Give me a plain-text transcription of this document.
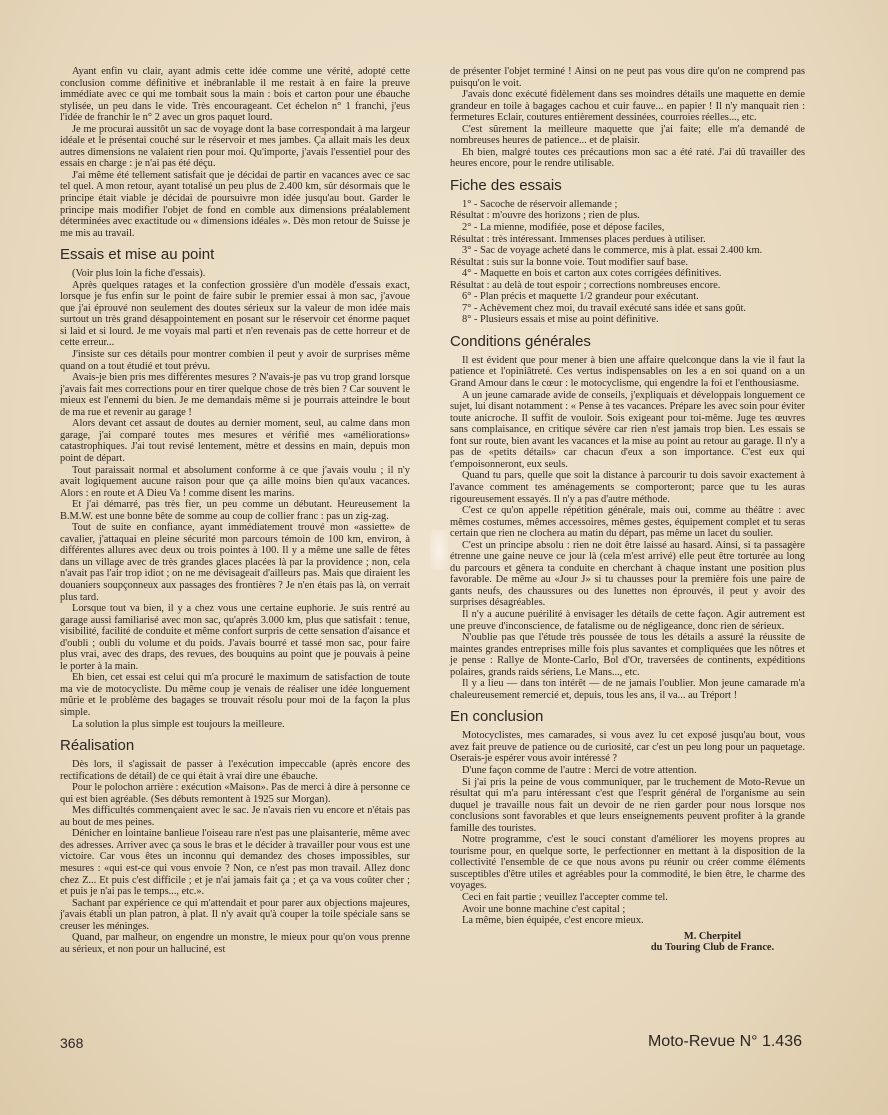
Ayant enfin vu clair, ayant admis cette idée comme une vérité, adopté cette conclusion comme définitive et inébranlable il me restait à en faire la preuve immédiate avec ce qui me tombait sous la main : bois et carton pour une ébauche stylisée, un peu dans le vide. Très encourageant. Cet échelon n° 1 franchi, j'eus l'idée de franchir le n° 2 avec un gros paquet lourd.

Je me procurai aussitôt un sac de voyage dont la base correspondait à ma largeur idéale et le présentai couché sur le réservoir et mes jambes. Ça allait mais les deux autres dimensions ne valaient rien pour moi. Qu'importe, j'avais l'essentiel pour des essais en charge : je n'ai pas été déçu.

J'ai même été tellement satisfait que je décidai de partir en vacances avec ce sac tel quel. A mon retour, ayant totalisé un peu plus de 2.400 km, sûr désormais que le principe était viable je décidai de poursuivre mon idée jusqu'au bout. Garder le principe mais modifier l'objet de fond en comble aux dimensions préalablement déterminées avec exactitude ou « dimensions idéales ». Dès mon retour de Suisse je me mis au travail.

Essais et mise au point

(Voir plus loin la fiche d'essais).

Après quelques ratages et la confection grossière d'un modèle d'essais exact, lorsque je fus enfin sur le point de faire subir le premier essai à mon sac, j'avoue que j'ai éprouvé non seulement des doutes sérieux sur la valeur de mon idée mais surtout un très grand désappointement en posant sur le réservoir cet énorme paquet si laid et si lourd. Je me voyais mal parti et n'en revenais pas de cette horreur et de cette erreur...

J'insiste sur ces détails pour montrer combien il peut y avoir de surprises même quand on a tout étudié et tout prévu.

Avais-je bien pris mes différentes mesures ? N'avais-je pas vu trop grand lorsque j'avais fait mes corrections pour en tirer quelque chose de très bien ? Car souvent le mieux est l'ennemi du bien. Je me demandais même si je pourrais atteindre le bout de ma rue et revenir au garage !

Alors devant cet assaut de doutes au dernier moment, seul, au calme dans mon garage, j'ai comparé toutes mes mesures et vérifié mes «améliorations» catastrophiques. J'ai tout revisé lentement, mètre et dessins en main, depuis mon point de départ.

Tout paraissait normal et absolument conforme à ce que j'avais voulu ; il n'y avait logiquement aucune raison pour que ça aille moins bien qu'aux vacances. Alors : en route et A Dieu Va ! comme disent les marins.

Et j'ai démarré, pas très fier, un peu comme un débutant. Heureusement la B.M.W. est une bonne bête de somme au coup de collier franc : pas un zig-zag.

Tout de suite en confiance, ayant immédiatement trouvé mon «assiette» de cavalier, j'attaquai en pleine sécurité mon parcours témoin de 100 km, environ, à différentes allures avec deux ou trois pointes à 100. Il y a même une salle de fêtes dans un village avec de très grandes glaces placées là par la providence ; non, cela n'avait pas l'air trop idiot ; on ne me dévisageait d'ailleurs pas. Mais que diraient les douaniers soupçonneux aux passages des frontières ? Je n'en étais pas là, on verrait plus tard.

Lorsque tout va bien, il y a chez vous une certaine euphorie. Je suis rentré au garage aussi familiarisé avec mon sac, qu'après 3.000 km, plus que satisfait : tenue, visibilité, facilité de conduite et même confort surpris de cette sensation d'aisance et d'oubli ; oubli du volume et du poids. J'avais bourré et tassé mon sac, pour faire plus vrai, avec des draps, des revues, des bouquins au point que je pouvais à peine le porter à la main.

Eh bien, cet essai est celui qui m'a procuré le maximum de satisfaction de toute ma vie de motocycliste. Du même coup je venais de réaliser une idée longuement mûrie et le problème des bagages se trouvait résolu pour moi de la façon la plus simple.

La solution la plus simple est toujours la meilleure.

Réalisation

Dès lors, il s'agissait de passer à l'exécution impeccable (après encore des rectifications de détail) de ce qui était à vrai dire une ébauche.

Pour le polochon arrière : exécution «Maison». Pas de merci à dire à personne ce qui est bien agréable. (Ses débuts remontent à 1925 sur Morgan).

Mes difficultés commençaient avec le sac. Je n'avais rien vu encore et n'étais pas au bout de mes peines.

Dénicher en lointaine banlieue l'oiseau rare n'est pas une plaisanterie, même avec des adresses. Arriver avec ça sous le bras et le décider à travailler pour vous est une victoire. Car vous êtes un inconnu qui demandez des choses impossibles, sur mesures : «qui est-ce qui vous envoie ? Non, ce n'est pas mon travail. Allez donc chez Z... Et puis c'est difficile ; et je n'ai jamais fait ça ; et ça va vous coûter cher ; et puis je n'ai pas le temps..., etc.».

Sachant par expérience ce qui m'attendait et pour parer aux objections majeures, j'avais établi un plan patron, à plat. Il n'y avait qu'à couper la toile spéciale sans se creuser les méninges.

Quand, par malheur, on engendre un monstre, le mieux pour qu'on vous prenne au sérieux, et non pour un halluciné, est

de présenter l'objet terminé ! Ainsi on ne peut pas vous dire qu'on ne comprend pas puisqu'on le voit.

J'avais donc exécuté fidèlement dans ses moindres détails une maquette en demie grandeur en toile à bagages cachou et cuir fauve... en papier ! Il n'y manquait rien : fermetures Eclair, coutures entièrement dessinées, courroies réelles..., etc.

C'est sûrement la meilleure maquette que j'ai faite; elle m'a demandé de nombreuses heures de patience... et de plaisir.

Eh bien, malgré toutes ces précautions mon sac a été raté. J'ai dû travailler des heures encore, pour le rendre utilisable.

Fiche des essais

1° - Sacoche de réservoir allemande ;

Résultat : m'ouvre des horizons ; rien de plus.

2° - La mienne, modifiée, pose et dépose faciles,

Résultat : très intéressant. Immenses places perdues à utiliser.

3° - Sac de voyage acheté dans le commerce, mis à plat. essai 2.400 km.

Résultat : suis sur la bonne voie. Tout modifier sauf base.

4° - Maquette en bois et carton aux cotes corrigées définitives.

Résultat : au delà de tout espoir ; corrections nombreuses encore.

6° - Plan précis et maquette 1/2 grandeur pour exécutant.

7° - Achèvement chez moi, du travail exécuté sans idée et sans goût.

8° - Plusieurs essais et mise au point définitive.

Conditions générales

Il est évident que pour mener à bien une affaire quelconque dans la vie il faut la patience et l'opiniâtreté. Ces vertus indispensables on les a en soi quand on a un Grand Amour dans le cœur : le motocyclisme, qui engendre la foi et l'enthousiasme.

A un jeune camarade avide de conseils, j'expliquais et développais longuement ce sujet, lui disant notamment : « Pense à tes vacances. Prépare les avec soin pour éviter toute anicroche. Il suffit de vouloir. Sois exigeant pour toi-même. Juge tes œuvres sans complaisance, en critique sévère car rien n'est jamais trop bien. Les essais se font sur route, bien avant les vacances et la mise au point au retour au garage. Il n'y a pas de «petits détails» car chacun d'eux a son importance. C'est eux qui t'empoisonneront, eux seuls.

Quand tu pars, quelle que soit la distance à parcourir tu dois savoir exactement à l'avance comment tes aménagements se comporteront; parce que tu les auras rigoureusement essayés. Il n'y a pas d'autre méthode.

C'est ce qu'on appelle répétition générale, mais oui, comme au théâtre : avec mêmes costumes, mêmes accessoires, mêmes gestes, équipement complet et tu seras certain que rien ne clochera au matin du départ, pas même un lacet du soulier.

C'est un principe absolu : rien ne doit être laissé au hasard. Ainsi, si ta passagère étrenne une gaine neuve ce jour là (cela m'est arrivé) elle peut être torturée au long du parcours et gênera ta conduite en cherchant à chaque instant une position plus favorable. De même au «Jour J» si tu chausses pour la première fois une paire de gants neufs, des chaussures ou des lunettes non éprouvés, il peut y avoir des surprises désagréables.

Il n'y a aucune puérilité à envisager les détails de cette façon. Agir autrement est une preuve d'inconscience, de fatalisme ou de négligeance, donc rien de sérieux.

N'oublie pas que l'étude très poussée de tous les détails a assuré la réussite de maintes grandes entreprises mille fois plus savantes et compliquées que les nôtres et je pense : Rallye de Monte-Carlo, Bol d'Or, traversées de continents, expéditions polaires, grands raids sériens, Le Mans..., etc.

Il y a lieu — dans ton intérêt — de ne jamais l'oublier. Mon jeune camarade m'a chaleureusement remercié et, depuis, tous les ans, il va... au Tréport !

En conclusion

Motocyclistes, mes camarades, si vous avez lu cet exposé jusqu'au bout, vous avez fait preuve de patience ou de curiosité, car c'est un peu long pour un paquetage. Oserais-je espérer vous avoir intéressé ?

D'une façon comme de l'autre : Merci de votre attention.

Si j'ai pris la peine de vous communiquer, par le truchement de Moto-Revue un résultat qui m'a paru intéressant c'est que l'esprit général de l'organisme au sein duquel je travaille nous fait un devoir de ne rien garder pour nous lorsque nos conclusions sont favorables et que leurs enseignements peuvent profiter à la grande famille des touristes.

Notre programme, c'est le souci constant d'améliorer les moyens propres au tourisme pour, en quelque sorte, le perfectionner en mettant à la disposition de la collectivité l'ensemble de ce que nous avons pu réunir ou créer comme éléments susceptibles d'être utiles et agréables pour la commodité, le bien être, le charme des voyages.

Ceci en fait partie ; veuillez l'accepter comme tel.

Avoir une bonne machine c'est capital ;

La même, bien équipée, c'est encore mieux.

M. Cherpitel
du Touring Club de France.
368	Moto-Revue N° 1.436
